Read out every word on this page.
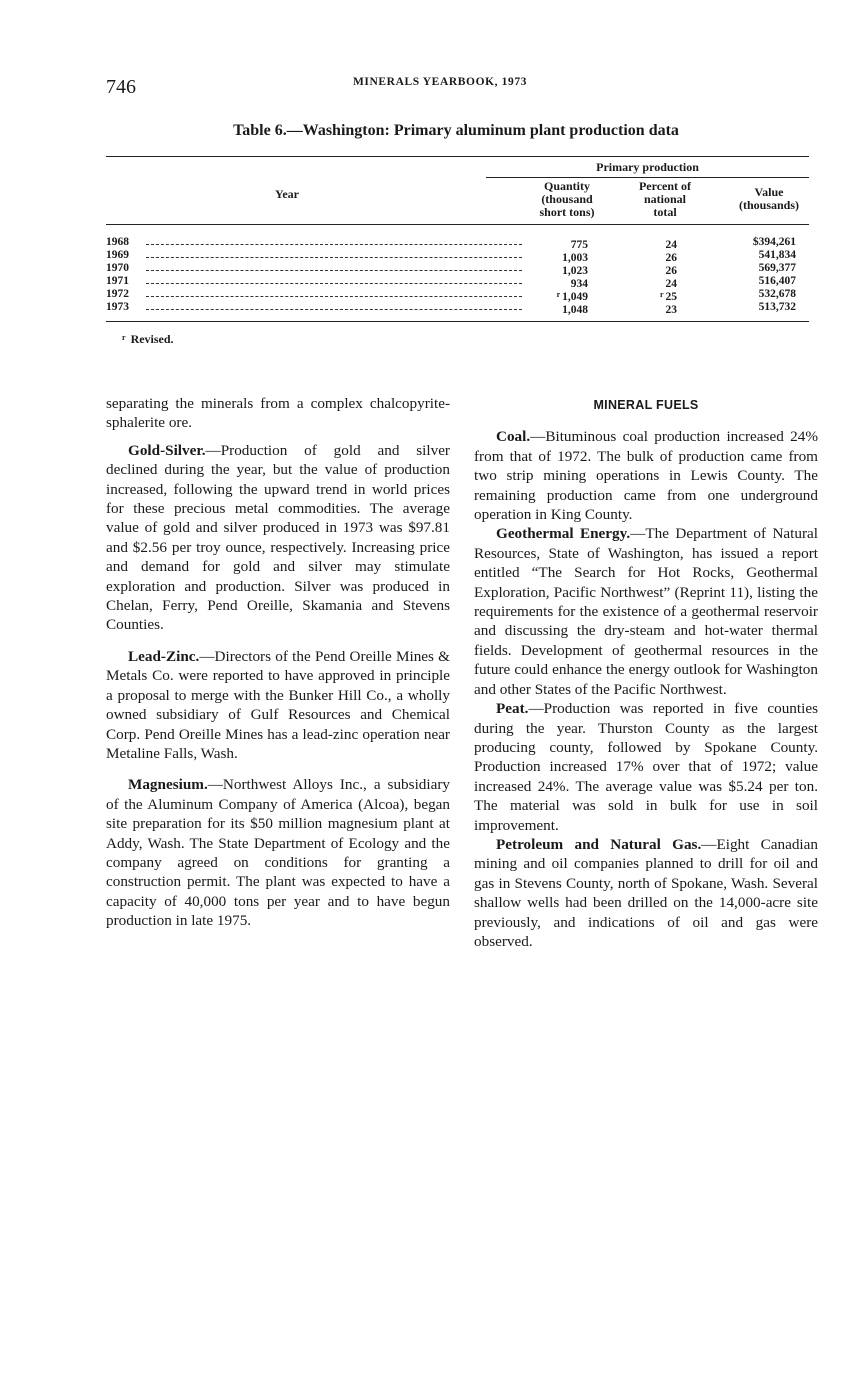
746	MINERALS YEARBOOK, 1973
Table 6.—Washington: Primary aluminum plant production data
Primary production
Year
Quantity
(thousand
short tons)
Percent of
national
total
Value
(thousands)
1968	775	24	$394,261
1969	1,003	26	541,834
1970	1,023	26	569,377
1971	934	24	516,407
1972	$^r$ 1,049	$^r$ 25	532,678
1973	1,048	23	513,732
$^r$ Revised.

separating the minerals from a complex chalcopyrite-sphalerite ore.

Gold-Silver.—Production of gold and silver declined during the year, but the value of production increased, following the upward trend in world prices for these precious metal commodities. The average value of gold and silver produced in 1973 was $97.81 and $2.56 per troy ounce, respectively. Increasing price and demand for gold and silver may stimulate exploration and production. Silver was produced in Chelan, Ferry, Pend Oreille, Skamania and Stevens Counties.

Lead-Zinc.—Directors of the Pend Oreille Mines & Metals Co. were reported to have approved in principle a proposal to merge with the Bunker Hill Co., a wholly owned subsidiary of Gulf Resources and Chemical Corp. Pend Oreille Mines has a lead-zinc operation near Metaline Falls, Wash.

Magnesium.—Northwest Alloys Inc., a subsidiary of the Aluminum Company of America (Alcoa), began site preparation for its $50 million magnesium plant at Addy, Wash. The State Department of Ecology and the company agreed on conditions for granting a construction permit. The plant was expected to have a capacity of 40,000 tons per year and to have begun production in late 1975.

MINERAL FUELS

Coal.—Bituminous coal production increased 24% from that of 1972. The bulk of production came from two strip mining operations in Lewis County. The remaining production came from one underground operation in King County.

Geothermal Energy.—The Department of Natural Resources, State of Washington, has issued a report entitled “The Search for Hot Rocks, Geothermal Exploration, Pacific Northwest” (Reprint 11), listing the requirements for the existence of a geothermal reservoir and discussing the dry-steam and hot-water thermal fields. Development of geothermal resources in the future could enhance the energy outlook for Washington and other States of the Pacific Northwest.

Peat.—Production was reported in five counties during the year. Thurston County as the largest producing county, followed by Spokane County. Production increased 17% over that of 1972; value increased 24%. The average value was $5.24 per ton. The material was sold in bulk for use in soil improvement.

Petroleum and Natural Gas.—Eight Canadian mining and oil companies planned to drill for oil and gas in Stevens County, north of Spokane, Wash. Several shallow wells had been drilled on the 14,000-acre site previously, and indications of oil and gas were observed.
